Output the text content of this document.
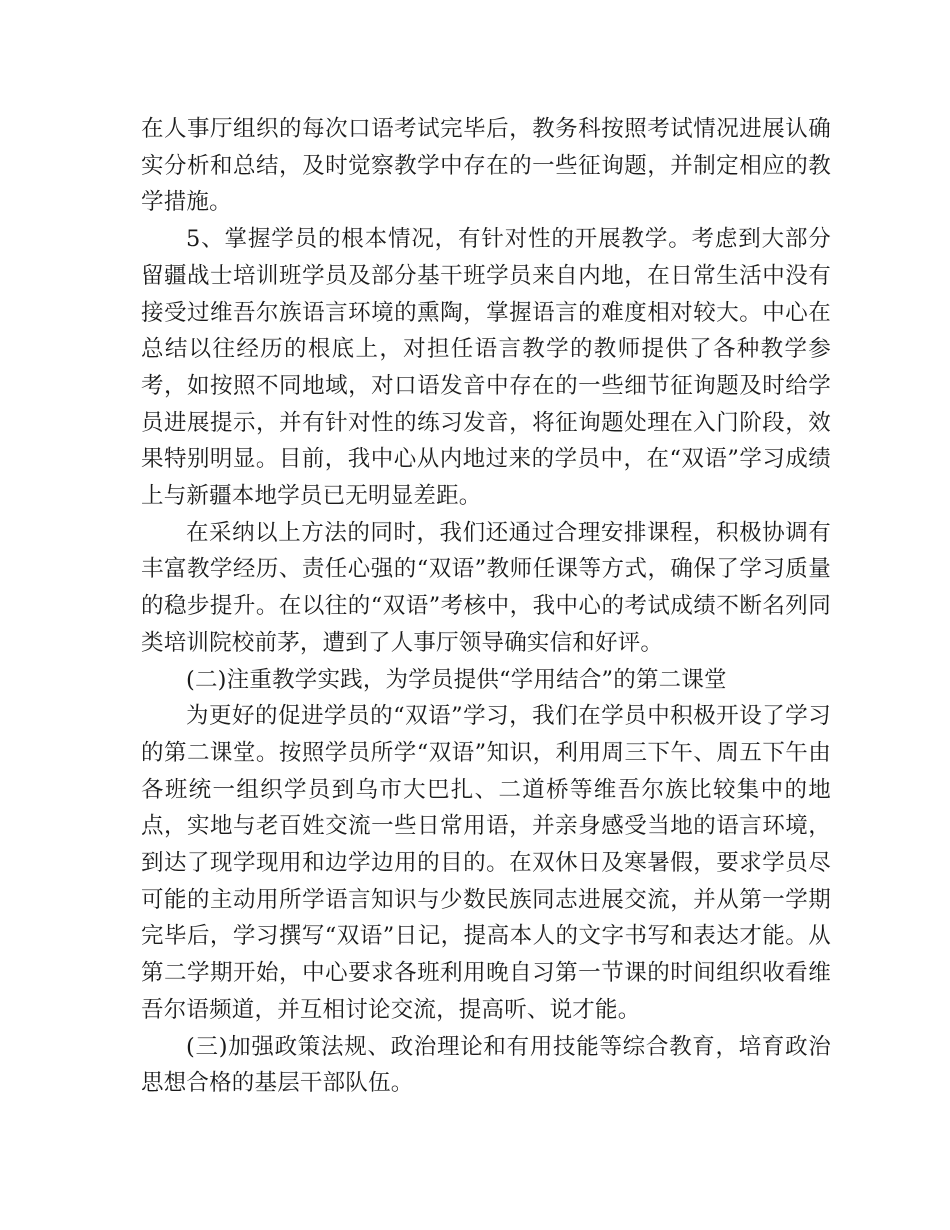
在人事厅组织的每次口语考试完毕后，教务科按照考试情况进展认确实分析和总结，及时觉察教学中存在的一些征询题，并制定相应的教学措施。

5、掌握学员的根本情况，有针对性的开展教学。考虑到大部分留疆战士培训班学员及部分基干班学员来自内地，在日常生活中没有接受过维吾尔族语言环境的熏陶，掌握语言的难度相对较大。中心在总结以往经历的根底上，对担任语言教学的教师提供了各种教学参考，如按照不同地域，对口语发音中存在的一些细节征询题及时给学员进展提示，并有针对性的练习发音，将征询题处理在入门阶段，效果特别明显。目前，我中心从内地过来的学员中，在“双语”学习成绩上与新疆本地学员已无明显差距。

在采纳以上方法的同时，我们还通过合理安排课程，积极协调有丰富教学经历、责任心强的“双语”教师任课等方式，确保了学习质量的稳步提升。在以往的“双语”考核中，我中心的考试成绩不断名列同类培训院校前茅，遭到了人事厅领导确实信和好评。

(二)注重教学实践，为学员提供“学用结合”的第二课堂

为更好的促进学员的“双语”学习，我们在学员中积极开设了学习的第二课堂。按照学员所学“双语”知识，利用周三下午、周五下午由各班统一组织学员到乌市大巴扎、二道桥等维吾尔族比较集中的地点，实地与老百姓交流一些日常用语，并亲身感受当地的语言环境，到达了现学现用和边学边用的目的。在双休日及寒暑假，要求学员尽可能的主动用所学语言知识与少数民族同志进展交流，并从第一学期完毕后，学习撰写“双语”日记，提高本人的文字书写和表达才能。从第二学期开始，中心要求各班利用晚自习第一节课的时间组织收看维吾尔语频道，并互相讨论交流，提高听、说才能。

(三)加强政策法规、政治理论和有用技能等综合教育，培育政治思想合格的基层干部队伍。
